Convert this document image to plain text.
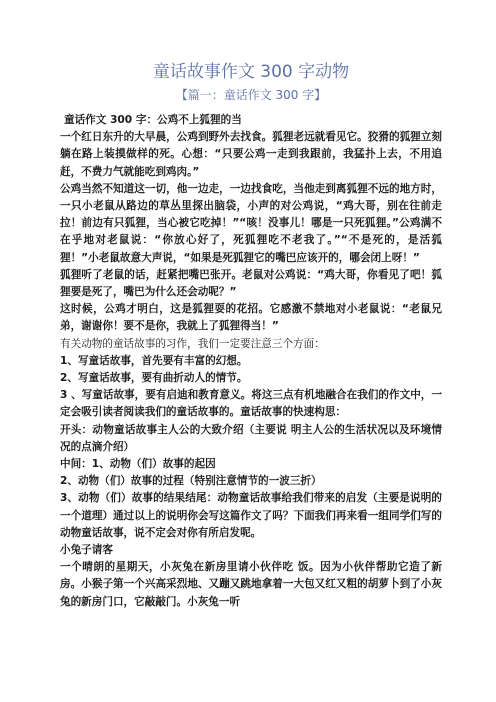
童话故事作文 300 字动物
【篇一：童话作文 300 字】

童话作文 300 字：公鸡不上狐狸的当

一个红日东升的大早晨，公鸡到野外去找食。狐狸老远就看见它。狡猾的狐狸立刻躺在路上装摸做样的死。心想：“只要公鸡一走到我跟前，我猛扑上去，不用追赶，不费力气就能吃到鸡肉。”

公鸡当然不知道这一切，他一边走，一边找食吃，当他走到离狐狸不远的地方时，一只小老鼠从路边的草丛里探出脑袋，小声的对公鸡说，“鸡大哥，别在往前走拉！前边有只狐狸，当心被它吃掉！”“咳！没事儿！哪是一只死狐狸。”公鸡满不在乎地对老鼠说：“你放心好了，死狐狸吃不老我了。”“不是死的，是活狐狸！”小老鼠故意大声说，“如果是死狐狸它的嘴巴应该开的，哪会闭上呀！”

狐狸听了老鼠的话，赶紧把嘴巴张开。老鼠对公鸡说：“鸡大哥，你看见了吧！狐狸要是死了，嘴巴为什么还会动呢？”

这时候，公鸡才明白，这是狐狸耍的花招。它感激不禁地对小老鼠说：“老鼠兄弟，谢谢你！要不是你，我就上了狐狸得当！”

有关动物的童话故事的习作，我们一定要注意三个方面：

1、写童话故事，首先要有丰富的幻想。

2、写童话故事，要有曲折动人的情节。

3 、写童话故事，要有启迪和教育意义。将这三点有机地融合在我们的作文中，一定会吸引读者阅读我们的童话故事的。童话故事的快速构思：

开头：动物童话故事主人公的大致介绍（主要说 明主人公的生活状况以及环境情况的点滴介绍）

中间：1、动物（们）故事的起因

2、动物（们）故事的过程（特别注意情节的一波三折）

3、动物（们）故事的结果结尾：动物童话故事给我们带来的启发（主要是说明的一个道理）通过以上的说明你会写这篇作文了吗？下面我们再来看一组同学们写的动物童话故事，说不定会对你有所启发呢。

小兔子请客

一个晴朗的星期天，小灰兔在新房里请小伙伴吃 饭。因为小伙伴帮助它造了新房。小猴子第一个兴高采烈地、又蹦又跳地拿着一大包又红又粗的胡萝卜到了小灰兔的新房门口，它敲敲门。小灰兔一听
